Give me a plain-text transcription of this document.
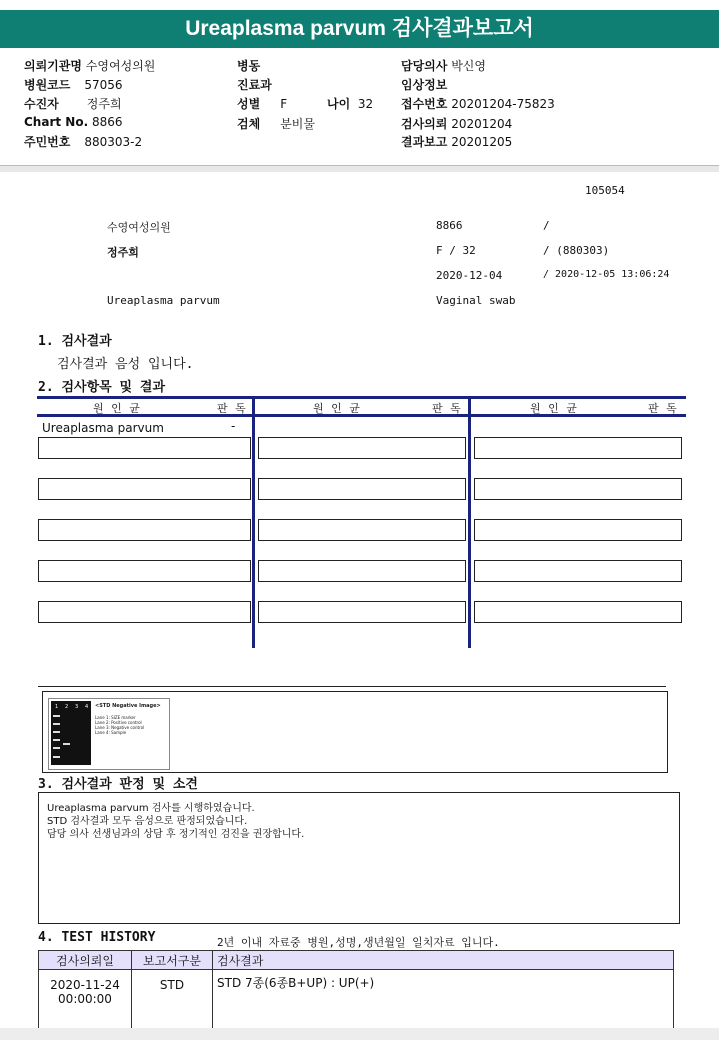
Ureaplasma parvum 검사결과보고서
의뢰기관명 수영여성의원
병원코드 57056
수진자 정주희
Chart No. 8866
주민번호 880303-2
병동
진료과
성별 F	나이 32
검체 분비물
담당의사 박신영
임상정보
접수번호 20201204-75823
검사의뢰 20201204
결과보고 20201205
105054
수영여성의원	8866	/
정주희	F / 32	/ (880303)
2020-12-04	/ 2020-12-05 13:06:24
Ureaplasma parvum	Vaginal swab
1. 검사결과
검사결과 음성 입니다.
2. 검사항목 및 결과
원 인 균	판 독	원 인 균	판 독	원 인 균	판 독
Ureaplasma parvum	-
1 2 3 4 <STD Negative Image>
Lane 1: SIZE marker
Lane 2: Positive control
Lane 3: Negative control
Lane 4: Sample
3. 검사결과 판정 및 소견
Ureaplasma parvum 검사를 시행하였습니다.
STD 검사결과 모두 음성으로 판정되었습니다.
담당 의사 선생님과의 상담 후 정기적인 검진을 권장합니다.
4. TEST HISTORY	2년 이내 자료중 병원,성명,생년월일 일치자료 입니다.
검사의뢰일	보고서구분	검사결과

2020-11-24
00:00:00	STD	STD 7종(6종B+UP) : UP(+)
